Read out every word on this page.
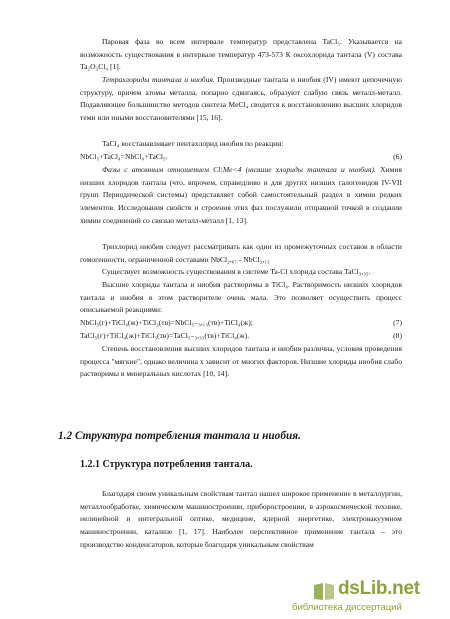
Паровая фаза во всем интервале температур представлена TaCl₅. Указывается на возможность существования в интервале температур 473-573 К оксохлорида тантала (V) состава Ta₂O₃Cl₄ [1].

Тетрахлориды тантала и ниобия. Производные тантала и ниобия (IV) имеют цепочечную структуру, причем атомы металла, попарно сдвигаясь, образуют слабую связь металл-металл. Подавляющее большинство методов синтеза MeCl₄ сводится к восстановлению высших хлоридов теми или иными восстановителями [15, 16].

TaCl₄ восстанавливает пентахлорид ниобия по реакции:

NbCl₅+TaCl₄=NbCl₄+TaCl₅.	(6)

Фазы с атомным отношением Cl:Me<4 (низшие хлориды тантала и ниобия). Химия низших хлоридов тантала (что, впрочем, справедливо и для других низших галогенидов IV-VII групп Периодической системы) представляет собой самостоятельный раздел в химии редких элементов. Исследования свойств и строения этих фаз послужили отправной точкой в создании химии соединений со связью металл-металл [1, 13].

Трихлорид ниобия следует рассматривать как один из промежуточных составов в области гомогенности, ограниченной составами NbCl₂,₆₇ - NbCl₃,₁₃

Существует возможность существования в системе Ta-Cl хлорида состава TaCl₃,₃₅.

Высшие хлориды тантала и ниобия растворимы в TiCl₄. Растворимость низших хлоридов тантала и ниобия в этом растворителе очень мала. Это позволяет осуществить процесс описываемой реакциями:

NbCl₅(г)+TiCl₄(ж)+TiCl₃(тв)=NbCl₅₋₃,₁₃(тв)+TiCl₄(ж);	(7)
TaCl₅(г)+TiCl₄(ж)+TiCl₃(тв)=TaCl₅₋₃,₃₅(тв)+TiCl₄(ж).	(8)

Степень восстановления высших хлоридов тантала и ниобия различна, условия проведения процесса "мягкие", однако величина x зависит от многих факторов. Низшие хлориды ниобия слабо растворимы в минеральных кислотах [10, 14].

1.2 Структура потребления тантала и ниобия.
1.2.1 Структура потребления тантала.

Благодаря своим уникальным свойствам тантал нашел широкое применение в металлургии, металлообработке, химическом машиностроении, приборостроении, в аэрокосмической технике, нелинейной и интегральной оптике, медицине, ядерной энергетике, электровакуумном машиностроении, катализе [1, 17]. Наиболее перспективное применение тантала – это производство конденсаторов, которые благодаря уникальным свойствам

dsLib.net
библиотека диссертаций
